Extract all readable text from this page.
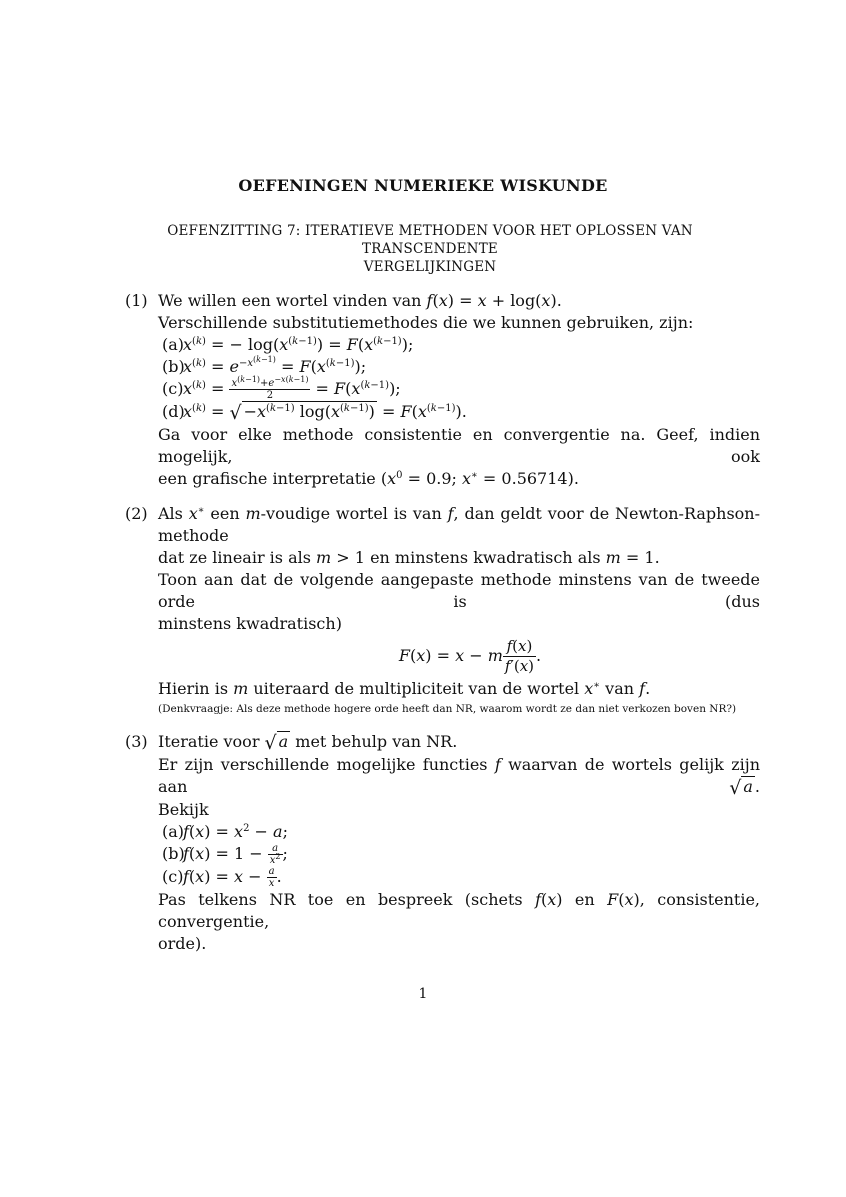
OEFENINGEN NUMERIEKE WISKUNDE
OEFENZITTING 7: ITERATIEVE METHODEN VOOR HET OPLOSSEN VAN TRANSCENDENTE
VERGELIJKINGEN
(1) We willen een wortel vinden van f(x) = x + log(x).
Verschillende substitutiemethodes die we kunnen gebruiken, zijn:
(a)
$x^{(k)}$ = − $\log(x^{(k-1)}) = F(x^{(k-1)})$;
(b)
$x^{(k)} = e^{-x^{(k-1)}} = F(x^{(k-1)})$;
(c) $x^{(k)} = \frac{x^{(k-1)}+e^{-x(k-1)}}{2} = F(x^{(k-1)})$;
(d)
$x^{(k)}$ = √ $-x^{(k-1)}$ $\log(x^{(k-1)}) = F(x^{(k-1)})$.
Ga voor elke methode consistentie en convergentie na. Geef, indien mogelijk, ook
een grafische interpretatie ($x^0 = 0.9$; x∗ = 0.56714).
(2) Als x∗ een m-voudige wortel is van f, dan geldt voor de Newton-Raphson-methode
dat ze lineair is als m > 1 en minstens kwadratisch als m = 1.
Toon aan dat de volgende aangepaste methode minstens van de tweede orde is (dus
minstens kwadratisch)
F(x) = x − m $\frac{f(x)}{f'(x)}$ .
Hierin is m uiteraard de multipliciteit van de wortel x∗ van f.
(Denkvraagje: Als deze methode hogere orde heeft dan NR, waarom wordt ze dan niet verkozen boven NR?)
(3) Iteratie voor √ a met behulp van NR.
Er zijn verschillende mogelijke functies f waarvan de wortels gelijk zijn aan √ a .
Bekijk
(a)
$f(x) = x^2 - a$;
(b)
$f(x) = 1 - \frac{a}{x^2}$ ;
(c) $f(x) = x - \frac{a}{x}$ .
Pas telkens NR toe en bespreek (schets f(x) en F(x), consistentie, convergentie,
orde).
1
